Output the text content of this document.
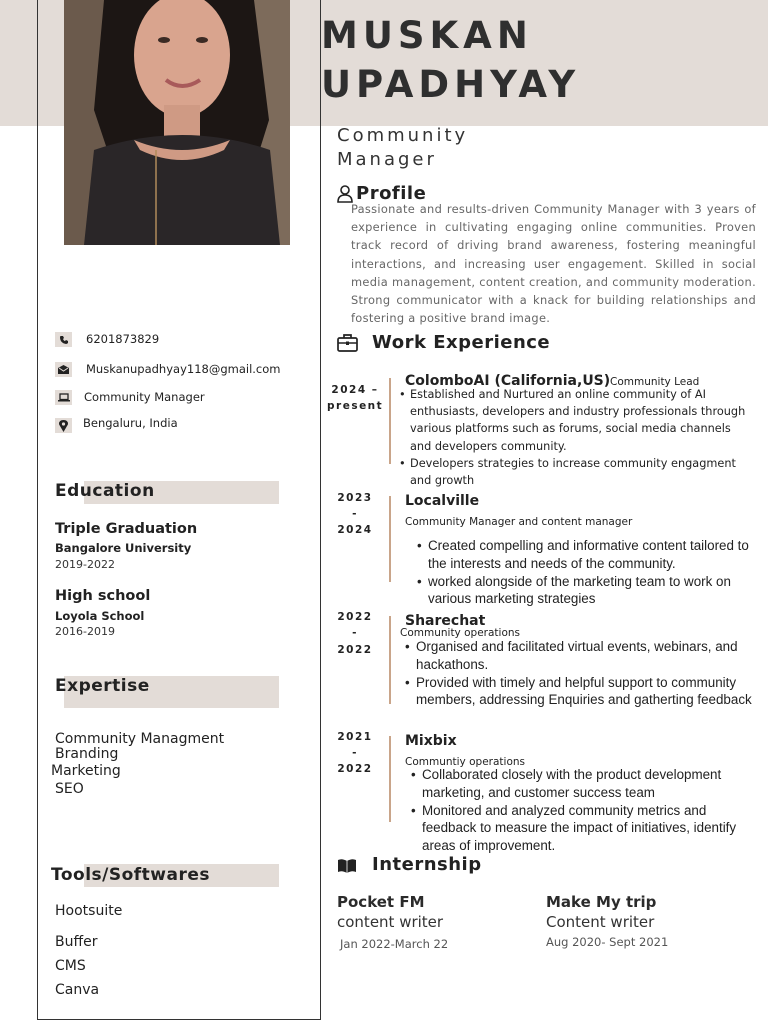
MUSKAN
UPADHYAY
Community
Manager
Profile
Passionate and results-driven Community Manager with 3 years of experience in cultivating engaging online communities. Proven track record of driving brand awareness, fostering meaningful interactions, and increasing user engagement. Skilled in social media management, content creation, and community moderation. Strong communicator with a knack for building relationships and fostering a positive brand image.
6201873829
Muskanupadhyay118@gmail.com
Community Manager
Bengaluru, India
Education
Triple Graduation
Bangalore University
2019-2022
High school
Loyola School
2016-2019
Expertise
Community Managment
Branding
Marketing
SEO
Tools/Softwares
Hootsuite
Buffer
CMS
Canva
Work Experience
2024 –
present
ColomboAI (California,US) Community Lead
• Established and Nurtured an online community of AI enthusiasts, developers and industry professionals through various platforms such as forums, social media channels and developers community.
• Developers strategies to increase community engagment and growth
2023
-
2024
Localville
Community Manager and content manager
• Created compelling and informative content tailored to the interests and needs of the community.
• worked alongside of the marketing team to work on various marketing strategies
2022
-
2022
Sharechat
Community operations
• Organised and facilitated virtual events, webinars, and hackathons.
• Provided with timely and helpful support to community members, addressing Enquiries and gatherting feedback
2021
-
2022
Mixbix
Communtiy operations
• Collaborated closely with the product development marketing, and customer success team
• Monitored and analyzed community metrics and feedback to measure the impact of initiatives, identify areas of improvement.
Internship
Pocket FM
content writer
Jan 2022-March 22
Make My trip
Content writer
Aug 2020- Sept 2021
